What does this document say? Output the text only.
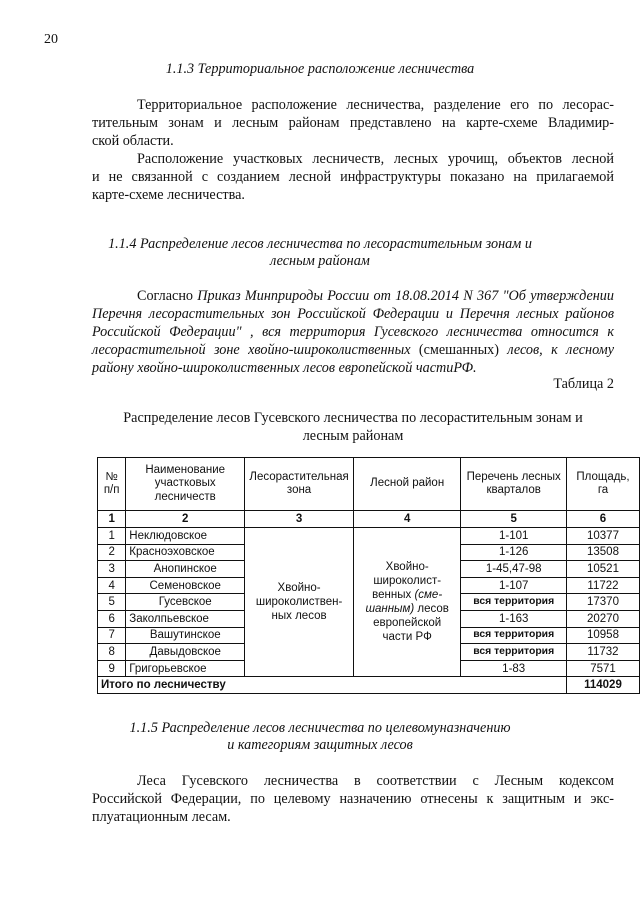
20
1.1.3 Территориальное расположение лесничества
Территориальное расположение лесничества, разделение его по лесорас-
тительным зонам и лесным районам представлено на карте-схеме Владимир-
ской области.
Расположение участковых лесничеств, лесных урочищ, объектов лесной
и не связанной с созданием лесной инфраструктуры показано на прилагаемой
карте-схеме лесничества.
1.1.4 Распределение лесов лесничества по лесорастительным зонам и
лесным районам
Согласно Приказ Минприроды России от 18.08.2014 N 367 "Об утверждении
Перечня лесорастительных зон Российской Федерации и Перечня лесных районов
Российской Федерации" , вся территория Гусевского лесничества относится к
лесорастительной зоне хвойно-широколиственных (смешанных) лесов, к лесному
району хвойно-широколиственных лесов европейской частиРФ.
Таблица 2
Распределение лесов Гусевского лесничества по лесорастительным зонам и
лесным районам
№ п/п	Наименование участковых лесничеств	Лесорастительная зона	Лесной район	Перечень лесных кварталов	Площадь, га
1	2	3	4	5	6
1	Неклюдовское	Хвойно-широколиствен-ных лесов	Хвойно-широколист-венных (сме-шанным) лесов европейской части РФ	1-101	10377
2	Красноэховское			1-126	13508
3	Анопинское			1-45,47-98	10521
4	Семеновское			1-107	11722
5	Гусевское			вся территория	17370
6	Заколпьевское			1-163	20270
7	Вашутинское			вся территория	10958
8	Давыдовское			вся территория	11732
9	Григорьевское			1-83	7571
Итого по лесничеству					114029
1.1.5 Распределение лесов лесничества по целевомуназначению
и категориям защитных лесов
Леса Гусевского лесничества в соответствии с Лесным кодексом
Российской Федерации, по целевому назначению отнесены к защитным и экс-
плуатационным лесам.
